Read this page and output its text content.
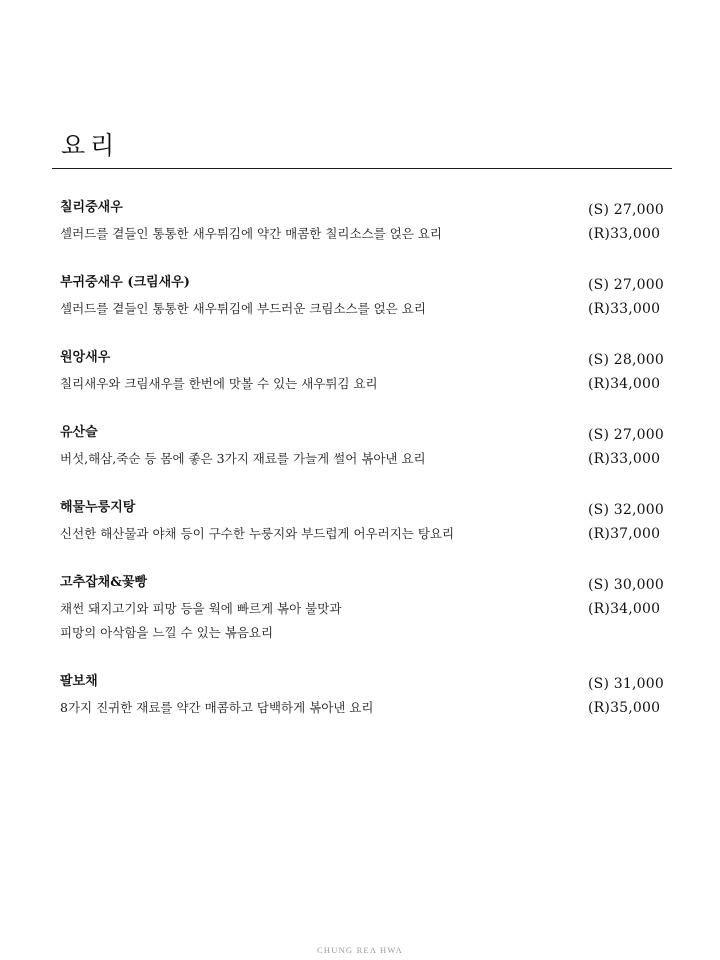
요리
칠리중새우
셀러드를 곁들인 통통한 새우튀김에 약간 매콤한 칠리소스를 얹은 요리
(S) 27,000
(R)33,000
부귀중새우 (크림새우)
셀러드를 곁들인 통통한 새우튀김에 부드러운 크림소스를 얹은 요리
(S) 27,000
(R)33,000
원앙새우
칠리새우와 크림새우를 한번에 맛볼 수 있는 새우튀김 요리
(S) 28,000
(R)34,000
유산슬
버섯,해삼,죽순 등 몸에 좋은 3가지 재료를 가늘게 썰어 볶아낸 요리
(S) 27,000
(R)33,000
해물누룽지탕
신선한 해산물과 야채 등이 구수한 누룽지와 부드럽게 어우러지는 탕요리
(S) 32,000
(R)37,000
고추잡채&꽃빵
채썬 돼지고기와 피망 등을 웍에 빠르게 볶아 불맛과
피망의 아삭함을 느낄 수 있는 볶음요리
(S) 30,000
(R)34,000
팔보채
8가지 진귀한 재료를 약간 매콤하고 담백하게 볶아낸 요리
(S) 31,000
(R)35,000
CHUNG REA HWA
